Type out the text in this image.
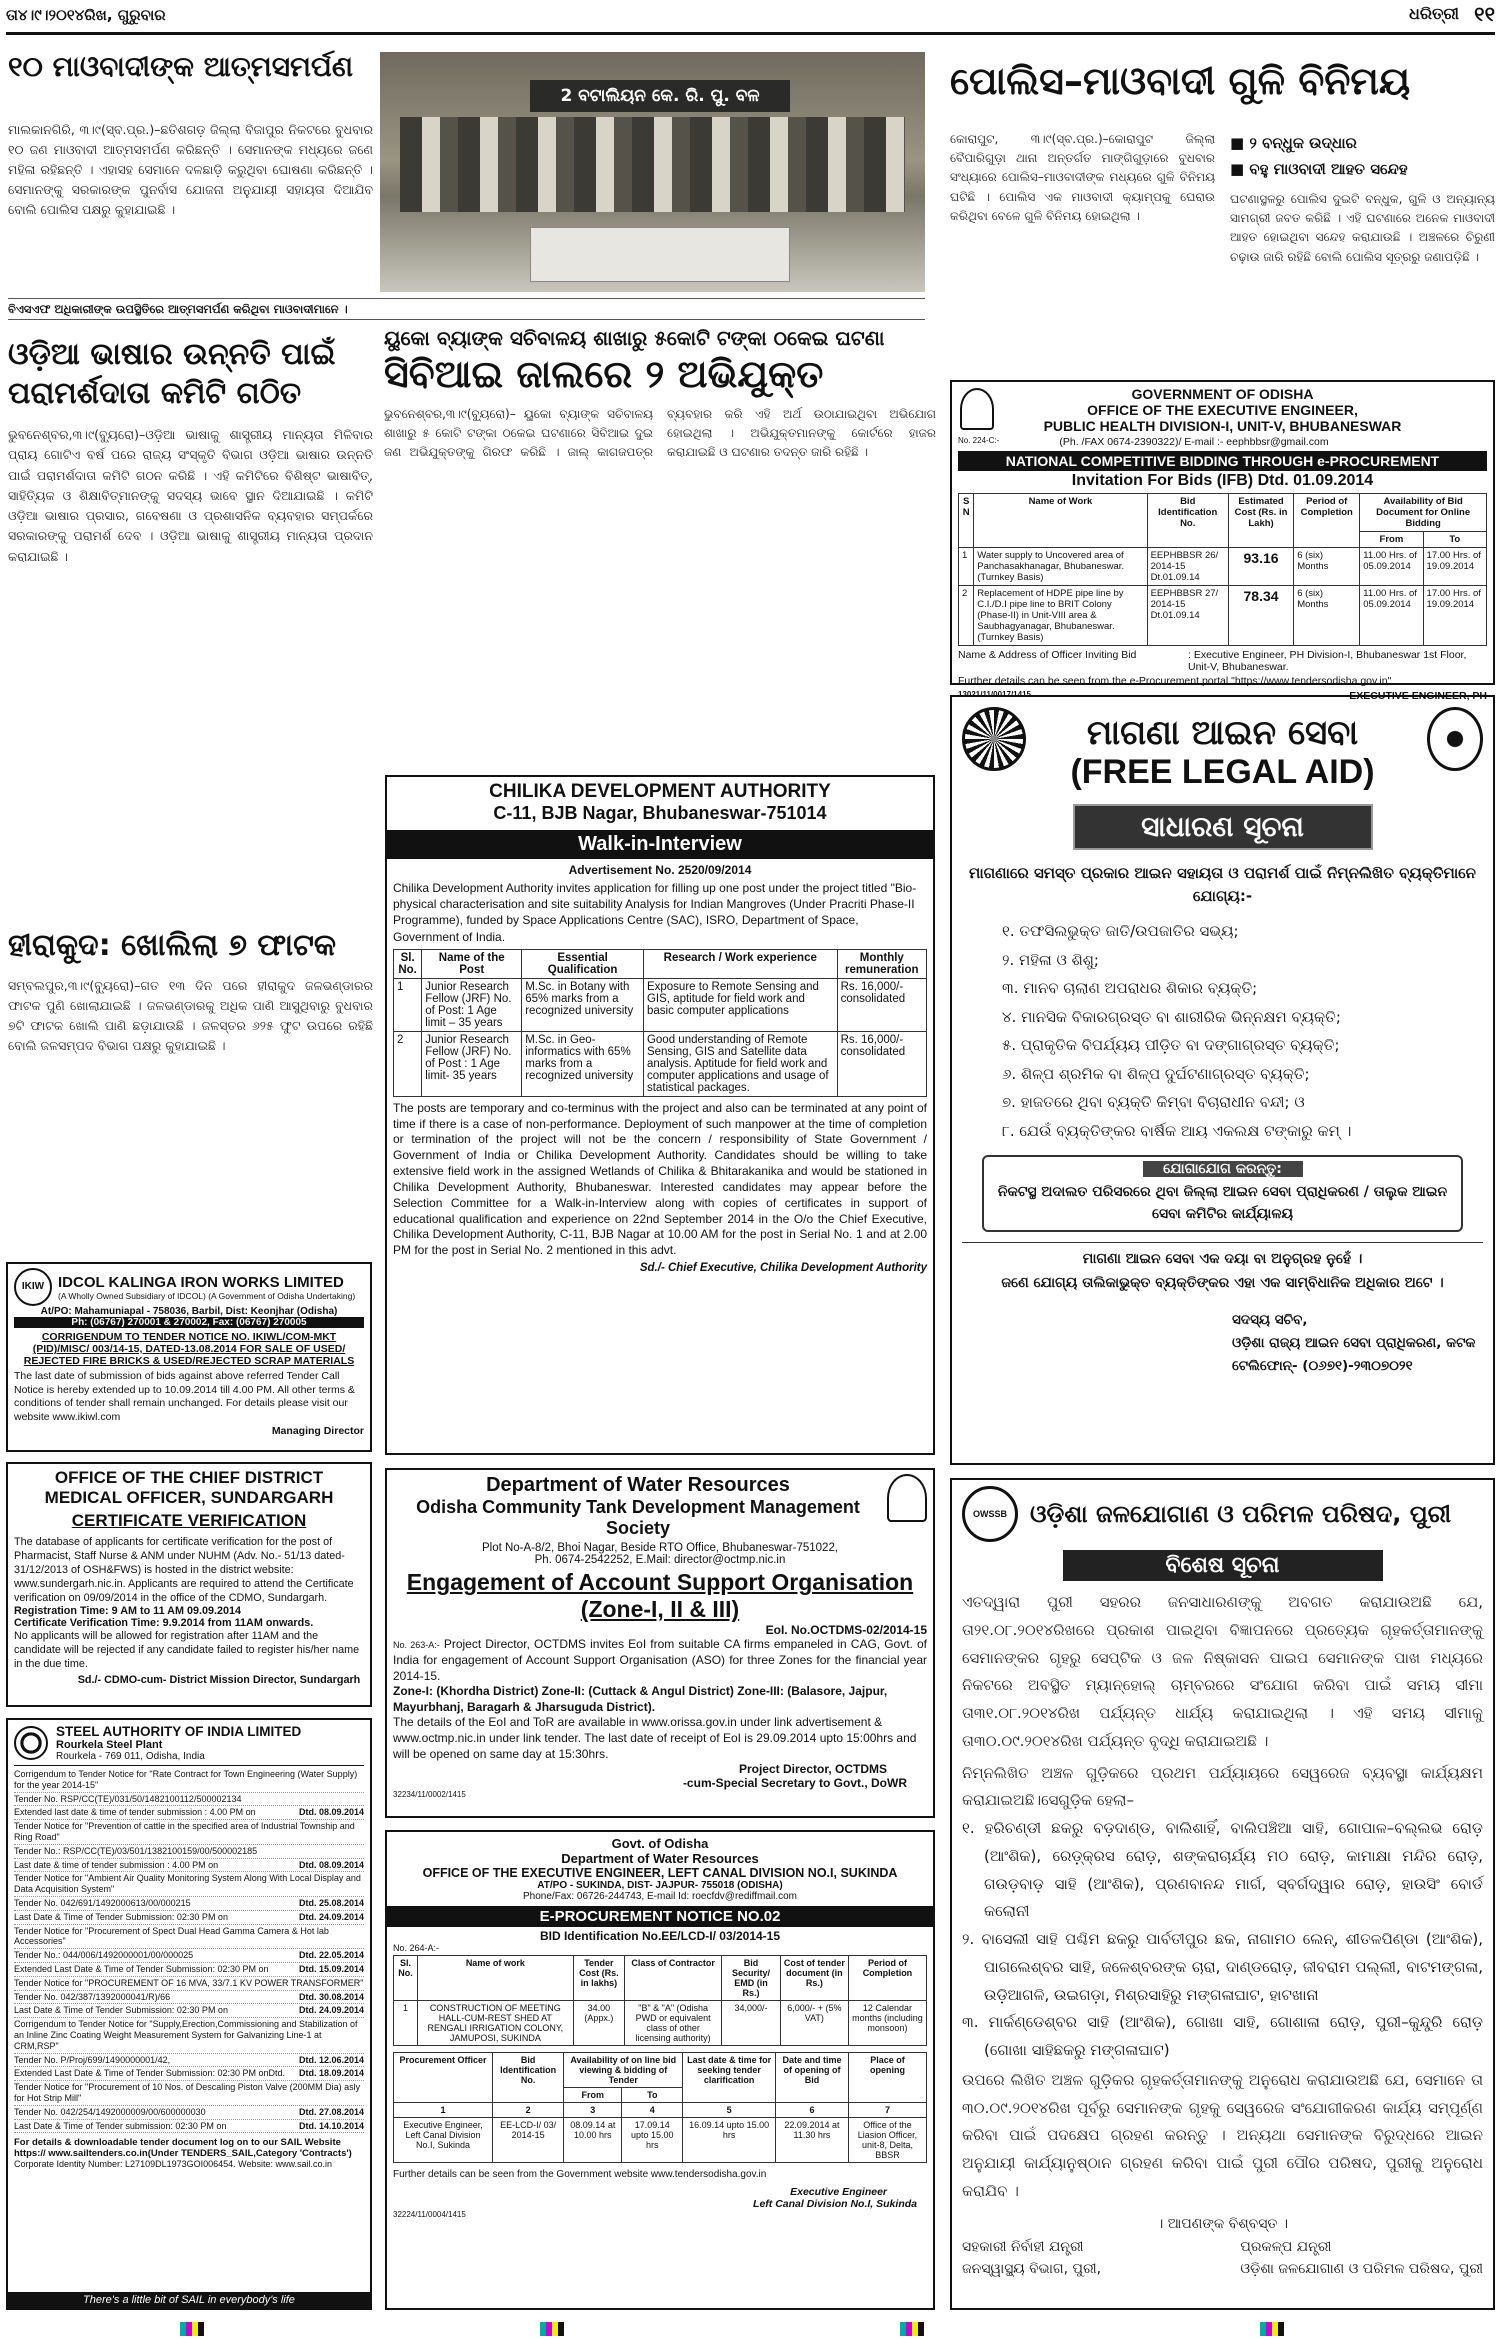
ତା୪।୯।୨୦୧୪ରିଖ, ଗୁରୁବାର	ଧରିତ୍ରୀ ୧୧
୧୦ ମାଓବାଦୀଙ୍କ ଆତ୍ମସମର୍ପଣ
ମାଲକାନଗିରି, ୩।୯(ସ୍ବ.ପ୍ର.)–ଛତିଶଗଡ଼ ଜିଲ୍ଲା ବିଜାପୁର ନିକଟରେ ବୁଧବାର ୧୦ ଜଣ ମାଓବାଦୀ ଆତ୍ମସମର୍ପଣ କରିଛନ୍ତି । ସେମାନଙ୍କ ମଧ୍ୟରେ ଜଣେ ମହିଳା ରହିଛନ୍ତି । ଏହାସହ ସେମାନେ ଦଳଛାଡ଼ି କରୁଥିବା ଘୋଷଣା କରିଛନ୍ତି । ସେମାନଙ୍କୁ ସରକାରଙ୍କ ପୁନର୍ବାସ ଯୋଜନା ଅନୁଯାୟୀ ସହାୟତା ଦିଆଯିବ ବୋଲି ପୋଲିସ ପକ୍ଷରୁ କୁହାଯାଇଛି ।
2 ବଟାଲିୟନ କେ. ରି. ପୁ. ବଳ
ବିଏସଏଫ ଅଧିକାରୀଙ୍କ ଉପସ୍ଥିତିରେ ଆତ୍ମସମର୍ପଣ କରିଥିବା ମାଓବାଦୀମାନେ ।
ପୋଲିସ–ମାଓବାଦୀ ଗୁଳି ବିନିମୟ
କୋରାପୁଟ, ୩।୯(ସ୍ବ.ପ୍ର.)–କୋରାପୁଟ ଜିଲ୍ଲା ବୈପାରିଗୁଡ଼ା ଥାନା ଅନ୍ତର୍ଗତ ମାଙ୍ଗିଗୁଡ଼ାରେ ବୁଧବାର ସଂଧ୍ୟାରେ ପୋଲିସ–ମାଓବାଦୀଙ୍କ ମଧ୍ୟରେ ଗୁଳି ବିନିମୟ ଘଟିଛି । ପୋଲିସ ଏକ ମାଓବାଦୀ କ୍ୟାମ୍ପକୁ ଘେରାଉ କରିଥିବା ବେଳେ ଗୁଳି ବିନିମୟ ହୋଇଥିଲା ।
■ ୨ ବନ୍ଧୁକ ଉଦ୍ଧାର
■ ବହୁ ମାଓବାଦୀ ଆହତ ସନ୍ଦେହ
ଘଟଣାସ୍ଥଳରୁ ପୋଲିସ ଦୁଇଟି ବନ୍ଧୁକ, ଗୁଳି ଓ ଅନ୍ୟାନ୍ୟ ସାମଗ୍ରୀ ଜବତ କରିଛି । ଏହି ଘଟଣାରେ ଅନେକ ମାଓବାଦୀ ଆହତ ହୋଇଥିବା ସନ୍ଦେହ କରାଯାଉଛି । ଅଞ୍ଚଳରେ ଚିରୁଣୀ ଚଢ଼ାଉ ଜାରି ରହିଛି ବୋଲି ପୋଲିସ ସୂତ୍ରରୁ ଜଣାପଡ଼ିଛି ।
ଓଡ଼ିଆ ଭାଷାର ଉନ୍ନତି ପାଇଁ ପରାମର୍ଶଦାତା କମିଟି ଗଠିତ
ଭୁବନେଶ୍ବର,୩।୯(ବ୍ୟୁରୋ)–ଓଡ଼ିଆ ଭାଷାକୁ ଶାସ୍ତ୍ରୀୟ ମାନ୍ୟତା ମିଳିବାର ପ୍ରାୟ ଗୋଟିଏ ବର୍ଷ ପରେ ରାଜ୍ୟ ସଂସ୍କୃତି ବିଭାଗ ଓଡ଼ିଆ ଭାଷାର ଉନ୍ନତି ପାଇଁ ପରାମର୍ଶଦାତା କମିଟି ଗଠନ କରିଛି । ଏହି କମିଟିରେ ବିଶିଷ୍ଟ ଭାଷାବିତ୍, ସାହିତ୍ୟିକ ଓ ଶିକ୍ଷାବିତ୍‌ମାନଙ୍କୁ ସଦସ୍ୟ ଭାବେ ସ୍ଥାନ ଦିଆଯାଇଛି । କମିଟି ଓଡ଼ିଆ ଭାଷାର ପ୍ରସାର, ଗବେଷଣା ଓ ପ୍ରଶାସନିକ ବ୍ୟବହାର ସମ୍ପର୍କରେ ସରକାରଙ୍କୁ ପରାମର୍ଶ ଦେବ । ଓଡ଼ିଆ ଭାଷାକୁ ଶାସ୍ତ୍ରୀୟ ମାନ୍ୟତା ପ୍ରଦାନ କରାଯାଇଛି ।
ୟୁକୋ ବ୍ୟାଙ୍କ ସଚିବାଳୟ ଶାଖାରୁ ୫କୋଟି ଟଙ୍କା ଠକେଇ ଘଟଣା
ସିବିଆଇ ଜାଲରେ ୨ ଅଭିଯୁକ୍ତ
ଭୁବନେଶ୍ବର,୩।୯(ବ୍ୟୁରୋ)– ୟୁକୋ ବ୍ୟାଙ୍କ ସଚିବାଳୟ ଶାଖାରୁ ୫ କୋଟି ଟଙ୍କା ଠକେଇ ଘଟଣାରେ ସିବିଆଇ ଦୁଇ ଜଣ ଅଭିଯୁକ୍ତଙ୍କୁ ଗିରଫ କରିଛି । ଜାଲ୍ କାଗଜପତ୍ର ବ୍ୟବହାର କରି ଏହି ଅର୍ଥ ଉଠାଯାଇଥିବା ଅଭିଯୋଗ ହୋଇଥିଲା । ଅଭିଯୁକ୍ତମାନଙ୍କୁ କୋର୍ଟରେ ହାଜର କରାଯାଇଛି ଓ ଘଟଣାର ତଦନ୍ତ ଜାରି ରହିଛି ।
ହୀରାକୁଦ: ଖୋଲିଲା ୭ ଫାଟକ
ସମ୍ବଲପୁର,୩।୯(ବ୍ୟୁରୋ)–ଗତ ୧୩ ଦିନ ପରେ ହୀରାକୁଦ ଜଳଭଣ୍ଡାରର ଫାଟକ ପୁଣି ଖୋଲାଯାଇଛି । ଜଳଭଣ୍ଡାରକୁ ଅଧିକ ପାଣି ଆସୁଥିବାରୁ ବୁଧବାର ୭ଟି ଫାଟକ ଖୋଲି ପାଣି ଛଡ଼ାଯାଉଛି । ଜଳସ୍ତର ୬୨୫ ଫୁଟ ଉପରେ ରହିଛି ବୋଲି ଜଳସମ୍ପଦ ବିଭାଗ ପକ୍ଷରୁ କୁହାଯାଇଛି ।
IKIW IDCOL KALINGA IRON WORKS LIMITED
(A Wholly Owned Subsidiary of IDCOL) (A Government of Odisha Undertaking)
At/PO: Mahamuniapal - 758036, Barbil, Dist: Keonjhar (Odisha)
Ph: (06767) 270001 & 270002, Fax: (06767) 270005
CORRIGENDUM TO TENDER NOTICE NO. IKIWL/COM-MKT (PID)/MISC/ 003/14-15, DATED-13.08.2014 FOR SALE OF USED/ REJECTED FIRE BRICKS & USED/REJECTED SCRAP MATERIALS
The last date of submission of bids against above referred Tender Call Notice is hereby extended up to 10.09.2014 till 4.00 PM. All other terms & conditions of tender shall remain unchanged. For details please visit our website www.ikiwl.com
Managing Director
OFFICE OF THE CHIEF DISTRICT MEDICAL OFFICER, SUNDARGARH
CERTIFICATE VERIFICATION
The database of applicants for certificate verification for the post of Pharmacist, Staff Nurse & ANM under NUHM (Adv. No.- 51/13 dated-31/12/2013 of OSH&FWS) is hosted in the district website: www.sundergarh.nic.in. Applicants are required to attend the Certificate verification on 09/09/2014 in the office of the CDMO, Sundargarh.
Registration Time: 9 AM to 11 AM 09.09.2014
Certificate Verification Time: 9.9.2014 from 11AM onwards.
No applicants will be allowed for registration after 11AM and the candidate will be rejected if any candidate failed to register his/her name in the due time.
Sd./- CDMO-cum- District Mission Director, Sundargarh
STEEL AUTHORITY OF INDIA LIMITED
Rourkela Steel Plant
Rourkela - 769 011, Odisha, India
Corrigendum to Tender Notice for "Rate Contract for Town Engineering (Water Supply) for the year 2014-15"
Tender No. RSP/CC(TE)/031/50/1482100112/500002134
Extended last date & time of tender submission : 4.00 PM on	Dtd. 08.09.2014
Tender Notice for "Prevention of cattle in the specified area of Industrial Township and Ring Road"
Tender No.: RSP/CC(TE)/03/501/1382100159/00/500002185
Last date & time of tender submission : 4.00 PM on	Dtd. 08.09.2014
Tender Notice for "Ambient Air Quality Monitoring System Along With Local Display and Data Acquisition System"
Tender No. 042/691/1492000613/00/000215	Dtd. 25.08.2014
Last Date & Time of Tender Submission: 02:30 PM on	Dtd. 24.09.2014
Tender Notice for "Procurement of Spect Dual Head Gamma Camera & Hot lab Accessories"
Tender No.: 044/006/1492000001/00/000025	Dtd. 22.05.2014
Extended Last Date & Time of Tender Submission: 02:30 PM on	Dtd. 15.09.2014
Tender Notice for "PROCUREMENT OF 16 MVA, 33/7.1 KV POWER TRANSFORMER"
Tender No. 042/387/1392000041/R)/66	Dtd. 30.08.2014
Last Date & Time of Tender Submission: 02:30 PM on	Dtd. 24.09.2014
Corrigendum to Tender Notice for "Supply,Erection,Commissioning and Stabilization of an Inline Zinc Coating Weight Measurement System for Galvanizing Line-1 at CRM,RSP"
Tender No. P/Proj/699/1490000001/42,	Dtd. 12.06.2014
Extended Last Date & Time of Tender Submission: 02:30 PM onDtd. Dtd. 18.09.2014
Tender Notice for "Procurement of 10 Nos. of Descaling Piston Valve (200MM Dia) asly for Hot Strip Mill"
Tender No. 042/254/1492000009/00/600000030	Dtd. 27.08.2014
Last Date & Time of Tender submission: 02:30 PM on	Dtd. 14.10.2014
For details & downloadable tender document log on to our SAIL Website https:// www.sailtenders.co.in(Under TENDERS_SAIL,Category 'Contracts')
Corporate Identity Number: L27109DL1973GOI006454. Website: www.sail.co.in
There's a little bit of SAIL in everybody's life
CHILIKA DEVELOPMENT AUTHORITY
C-11, BJB Nagar, Bhubaneswar-751014
Walk-in-Interview
Advertisement No. 2520/09/2014
Chilika Development Authority invites application for filling up one post under the project titled "Bio-physical characterisation and site suitability Analysis for Indian Mangroves (Under Pracriti Phase-II Programme), funded by Space Applications Centre (SAC), ISRO, Department of Space, Government of India.
Sl. No.	Name of the Post	Essential Qualification	Research / Work experience	Monthly remuneration
1	Junior Research Fellow (JRF) No. of Post: 1 Age limit – 35 years	M.Sc. in Botany with 65% marks from a recognized university	Exposure to Remote Sensing and GIS, aptitude for field work and basic computer applications	Rs. 16,000/- consolidated
2	Junior Research Fellow (JRF) No. of Post : 1 Age limit- 35 years	M.Sc. in Geo-informatics with 65% marks from a recognized university	Good understanding of Remote Sensing, GIS and Satellite data analysis. Aptitude for field work and computer applications and usage of statistical packages.	Rs. 16,000/- consolidated
The posts are temporary and co-terminus with the project and also can be terminated at any point of time if there is a case of non-performance. Deployment of such manpower at the time of completion or termination of the project will not be the concern / responsibility of State Government / Government of India or Chilika Development Authority. Candidates should be willing to take extensive field work in the assigned Wetlands of Chilika & Bhitarakanika and would be stationed in Chilika Development Authority, Bhubaneswar. Interested candidates may appear before the Selection Committee for a Walk-in-Interview along with copies of certificates in support of educational qualification and experience on 22nd September 2014 in the O/o the Chief Executive, Chilika Development Authority, C-11, BJB Nagar at 10.00 AM for the post in Serial No. 1 and at 2.00 PM for the post in Serial No. 2 mentioned in this advt.
Sd./- Chief Executive, Chilika Development Authority
Department of Water Resources
Odisha Community Tank Development Management Society
Plot No-A-8/2, Bhoi Nagar, Beside RTO Office, Bhubaneswar-751022,
Ph. 0674-2542252, E.Mail: director@octmp.nic.in
Engagement of Account Support Organisation
(Zone-I, II & III)
EoI. No.OCTDMS-02/2014-15
No. 263-A:- Project Director, OCTDMS invites EoI from suitable CA firms empaneled in CAG, Govt. of India for engagement of Account Support Organisation (ASO) for three Zones for the financial year 2014-15.
Zone-I: (Khordha District) Zone-II: (Cuttack & Angul District) Zone-III: (Balasore, Jajpur, Mayurbhanj, Baragarh & Jharsuguda District).
The details of the EoI and ToR are available in www.orissa.gov.in under link advertisement & www.octmp.nic.in under link tender. The last date of receipt of EoI is 29.09.2014 upto 15:00hrs and will be opened on same day at 15:30hrs.
Project Director, OCTDMS
-cum-Special Secretary to Govt., DoWR
32234/11/0002/1415
Govt. of Odisha
Department of Water Resources
OFFICE OF THE EXECUTIVE ENGINEER, LEFT CANAL DIVISION NO.I, SUKINDA
AT/PO - SUKINDA, DIST- JAJPUR- 755018 (ODISHA)
Phone/Fax: 06726-244743, E-mail Id: roecfdv@rediffmail.com
E-PROCUREMENT NOTICE NO.02
BID Identification No.EE/LCD-I/ 03/2014-15
No. 264-A:-
Sl. No.	Name of work	Tender Cost (Rs. in lakhs)	Class of Contractor	Bid Security/ EMD (in Rs.)	Cost of tender document (in Rs.)	Period of Completion
1	CONSTRUCTION OF MEETING HALL-CUM-REST SHED AT RENGALI IRRIGATION COLONY, JAMUPOSI, SUKINDA	34.00 (Appx.)	"B" & "A" (Odisha PWD or equivalent class of other licensing authority)	34,000/-	6,000/- + (5% VAT)	12 Calendar months (including monsoon)
Procurement Officer	Bid Identification No.	Availability of on line bid viewing & bidding of Tender		Last date & time for seeking tender clarification	Date and time of opening of Bid	Place of opening
		From	To			
1	2	3	4	5	6	7
Executive Engineer, Left Canal Division No.I, Sukinda	EE-LCD-I/ 03/ 2014-15	08.09.14 at 10.00 hrs	17.09.14 upto 15.00 hrs	16.09.14 upto 15.00 hrs	22.09.2014 at 11.30 hrs	Office of the Liasion Officer, unit-8, Delta, BBSR
Further details can be seen from the Government website www.tendersodisha.gov.in
Executive Engineer
Left Canal Division No.I, Sukinda
32224/11/0004/1415
GOVERNMENT OF ODISHA
OFFICE OF THE EXECUTIVE ENGINEER,
PUBLIC HEALTH DIVISION-I, UNIT-V, BHUBANESWAR
No. 224-C:-	(Ph. /FAX 0674-2390322)/ E-mail :- eephbbsr@gmail.com
NATIONAL COMPETITIVE BIDDING THROUGH e-PROCUREMENT
Invitation For Bids (IFB) Dtd. 01.09.2014
S N	Name of Work	Bid Identification No.	Estimated Cost (Rs. in Lakh)	Period of Completion	Availability of Bid Document for Online Bidding	
					From	To
1	Water supply to Uncovered area of Panchasakhanagar, Bhubaneswar. (Turnkey Basis)	EEPHBBSR 26/ 2014-15 Dt.01.09.14	93.16	6 (six) Months	11.00 Hrs. of 05.09.2014	17.00 Hrs. of 19.09.2014
2	Replacement of HDPE pipe line by C.I./D.I pipe line to BRIT Colony (Phase-II) in Unit-VIII area & Saubhagyanagar, Bhubaneswar. (Turnkey Basis)	EEPHBBSR 27/ 2014-15 Dt.01.09.14	78.34	6 (six) Months	11.00 Hrs. of 05.09.2014	17.00 Hrs. of 19.09.2014
Name & Address of Officer Inviting Bid	: Executive Engineer, PH Division-I, Bhubaneswar 1st Floor, Unit-V, Bhubaneswar.
Further details can be seen from the e-Procurement portal "https://www.tendersodisha.gov.in"
13021/11/0017/1415	EXECUTIVE ENGINEER, PH
ମାଗଣା ଆଇନ ସେବା
(FREE LEGAL AID)
ସାଧାରଣ ସୂଚନା
ମାଗଣାରେ ସମସ୍ତ ପ୍ରକାର ଆଇନ ସହାୟତା ଓ ପରାମର୍ଶ ପାଇଁ ନିମ୍ନଲିଖିତ ବ୍ୟକ୍ତିମାନେ ଯୋଗ୍ୟ:-
୧. ତଫସିଲଭୁକ୍ତ ଜାତି/ଉପଜାତିର ସଭ୍ୟ;
୨. ମହିଳା ଓ ଶିଶୁ;
୩. ମାନବ ଚାଲାଣ ଅପରାଧର ଶିକାର ବ୍ୟକ୍ତି;
୪. ମାନସିକ ବିକାରଗ୍ରସ୍ତ ବା ଶାରୀରିକ ଭିନ୍ନକ୍ଷମ ବ୍ୟକ୍ତି;
୫. ପ୍ରାକୃତିକ ବିପର୍ଯ୍ୟୟ ପୀଡ଼ିତ ବା ଦଙ୍ଗାଗ୍ରସ୍ତ ବ୍ୟକ୍ତି;
୬. ଶିଳ୍ପ ଶ୍ରମିକ ବା ଶିଳ୍ପ ଦୁର୍ଘଟଣାଗ୍ରସ୍ତ ବ୍ୟକ୍ତି;
୭. ହାଜତରେ ଥିବା ବ୍ୟକ୍ତି କିମ୍ବା ବିଚାରାଧୀନ ବନ୍ଦୀ; ଓ
୮. ଯେଉଁ ବ୍ୟକ୍ତିଙ୍କର ବାର୍ଷିକ ଆୟ ଏକଲକ୍ଷ ଟଙ୍କାରୁ କମ୍ ।
ଯୋଗାଯୋଗ କରନ୍ତୁ:
ନିକଟସ୍ଥ ଅଦାଲତ ପରିସରରେ ଥିବା ଜିଲ୍ଲା ଆଇନ ସେବା ପ୍ରାଧିକରଣ / ତାଲୁକ ଆଇନ ସେବା କମିଟିର କାର୍ଯ୍ୟାଳୟ
ମାଗଣା ଆଇନ ସେବା ଏକ ଦୟା ବା ଅନୁଗ୍ରହ ନୁହେଁ ।
ଜଣେ ଯୋଗ୍ୟ ତାଲିକାଭୁକ୍ତ ବ୍ୟକ୍ତିଙ୍କର ଏହା ଏକ ସାମ୍ବିଧାନିକ ଅଧିକାର ଅଟେ ।
ସଦସ୍ୟ ସଚିବ,
ଓଡ଼ିଶା ରାଜ୍ୟ ଆଇନ ସେବା ପ୍ରାଧିକରଣ, କଟକ
ଟେଲିଫୋନ୍- (୦୬୭୧)-୨୩୦୭୦୨୧
OWSSB ଓଡ଼ିଶା ଜଳଯୋଗାଣ ଓ ପରିମଳ ପରିଷଦ, ପୁରୀ
ବିଶେଷ ସୂଚନା
ଏତଦ୍ୱାରା ପୁରୀ ସହରର ଜନସାଧାରଣଙ୍କୁ ଅବଗତ କରାଯାଉଅଛି ଯେ, ତା୨୧.୦୮.୨୦୧୪ରିଖରେ ପ୍ରକାଶ ପାଇଥିବା ବିଜ୍ଞାପନରେ ପ୍ରତ୍ୟେକ ଗୃହକର୍ତ୍ତାମାନଙ୍କୁ ସେମାନଙ୍କର ଗୃହରୁ ସେପ୍‌ଟିକ ଓ ଜଳ ନିଷ୍କାସନ ପାଇପ ସେମାନଙ୍କ ପାଖ ମଧ୍ୟରେ ନିକଟରେ ଅବସ୍ଥିତ ମ୍ୟାନ୍‌ହୋଲ୍ ଚାମ୍ବରରେ ସଂଯୋଗ କରିବା ପାଇଁ ସମୟ ସୀମା ତା୩୧.୦୮.୨୦୧୪ରିଖ ପର୍ଯ୍ୟନ୍ତ ଧାର୍ଯ୍ୟ କରାଯାଇଥିଲା । ଏହି ସମୟ ସୀମାକୁ ତା୩୦.୦୯.୨୦୧୪ରିଖ ପର୍ଯ୍ୟନ୍ତ ବୃଦ୍ଧି କରାଯାଇଅଛି ।
ନିମ୍ନଲିଖିତ ଅଞ୍ଚଳ ଗୁଡ଼ିକରେ ପ୍ରଥମ ପର୍ଯ୍ୟାୟରେ ସେୱରେଜ ବ୍ୟବସ୍ଥା କାର୍ଯ୍ୟକ୍ଷମ କରାଯାଇଅଛି।ସେଗୁଡ଼ିକ ହେଲା–
୧. ହରିଚଣ୍ଡୀ ଛକରୁ ବଡ଼ଦାଣ୍ଡ, ବାଲିଶାହିଁ, ବାଲିପଞ୍ଚିଆ ସାହି, ଗୋପାଳ–ବଲ୍ଲଭ ରୋଡ଼ (ଆଂଶିକ), ରେଡ଼୍‌କ୍ରସ ରୋଡ଼, ଶଙ୍କରାଚାର୍ଯ୍ୟ ମଠ ରୋଡ଼, କାମାକ୍ଷା ମନ୍ଦିର ରୋଡ଼, ଗଉଡ଼ବାଡ଼ ସାହି (ଆଂଶିକ), ପ୍ରଣବାନନ୍ଦ ମାର୍ଗ, ସ୍ବର୍ଗଦ୍ୱାର ରୋଡ଼, ହାଉସିଂ ବୋର୍ଡ କଲୋନୀ
୨. ବାସେଲୀ ସାହି ପଶ୍ଚିମ ଛକରୁ ପାର୍ବତୀପୁର ଛକ, ନାଗାମଠ ଲେନ୍, ଶୀତଳପିଣ୍ଡା (ଆଂଶିକ), ପାଗଲେଶ୍ବର ସାହି, ଜଳେଶ୍ବରଙ୍କ ଚାରା, ଦାଣ୍ଡରୋଡ଼, ଜୀବରାମ ପଲ୍ଲୀ, ବାଟମଙ୍ଗଳା, ଉଡ଼ିଆଗଳି, ଉଇଗଡ଼ା, ମିଶ୍ରସାହିରୁ ମଙ୍ଗଳାଘାଟ, ହାଟଖାନା
୩. ମାର୍କଣ୍ଡେଶ୍ବର ସାହି (ଆଂଶିକ), ଗୋଖା ସାହି, ଗୋଶାଳା ରୋଡ଼, ପୁରୀ–କୁନ୍ଦୁରି ରୋଡ଼ (ଗୋଖା ସାହିଛକରୁ ମଙ୍ଗଳାଘାଟ)
ଉପରେ ଲିଖିତ ଅଞ୍ଚଳ ଗୁଡ଼ିକର ଗୃହକର୍ତ୍ତାମାନଙ୍କୁ ଅନୁରୋଧ କରାଯାଉଅଛି ଯେ, ସେମାନେ ତା ୩୦.୦୯.୨୦୧୪ରିଖ ପୂର୍ବରୁ ସେମାନଙ୍କ ଗୃହକୁ ସେୱରେଜ ସଂଯୋଗୀକରଣ କାର୍ଯ୍ୟ ସମ୍ପୂର୍ଣ୍ଣ କରିବା ପାଇଁ ପଦକ୍ଷେପ ଗ୍ରହଣ କରନ୍ତୁ । ଅନ୍ୟଥା ସେମାନଙ୍କ ବିରୁଦ୍ଧରେ ଆଇନ ଅନୁଯାୟୀ କାର୍ଯ୍ୟାନୁଷ୍ଠାନ ଗ୍ରହଣ କରିବା ପାଇଁ ପୁରୀ ପୌର ପରିଷଦ, ପୁରୀକୁ ଅନୁରୋଧ କରାଯିବ ।
। ଆପଣଙ୍କ ବିଶ୍ବସ୍ତ ।
ସହକାରୀ ନିର୍ବାହୀ ଯନ୍ତ୍ରୀ
ଜନସ୍ୱାସ୍ଥ୍ୟ ବିଭାଗ, ପୁରୀ,
ପ୍ରକଳ୍ପ ଯନ୍ତ୍ରୀ
ଓଡ଼ିଶା ଜଳଯୋଗାଣ ଓ ପରିମଳ ପରିଷଦ, ପୁରୀ
